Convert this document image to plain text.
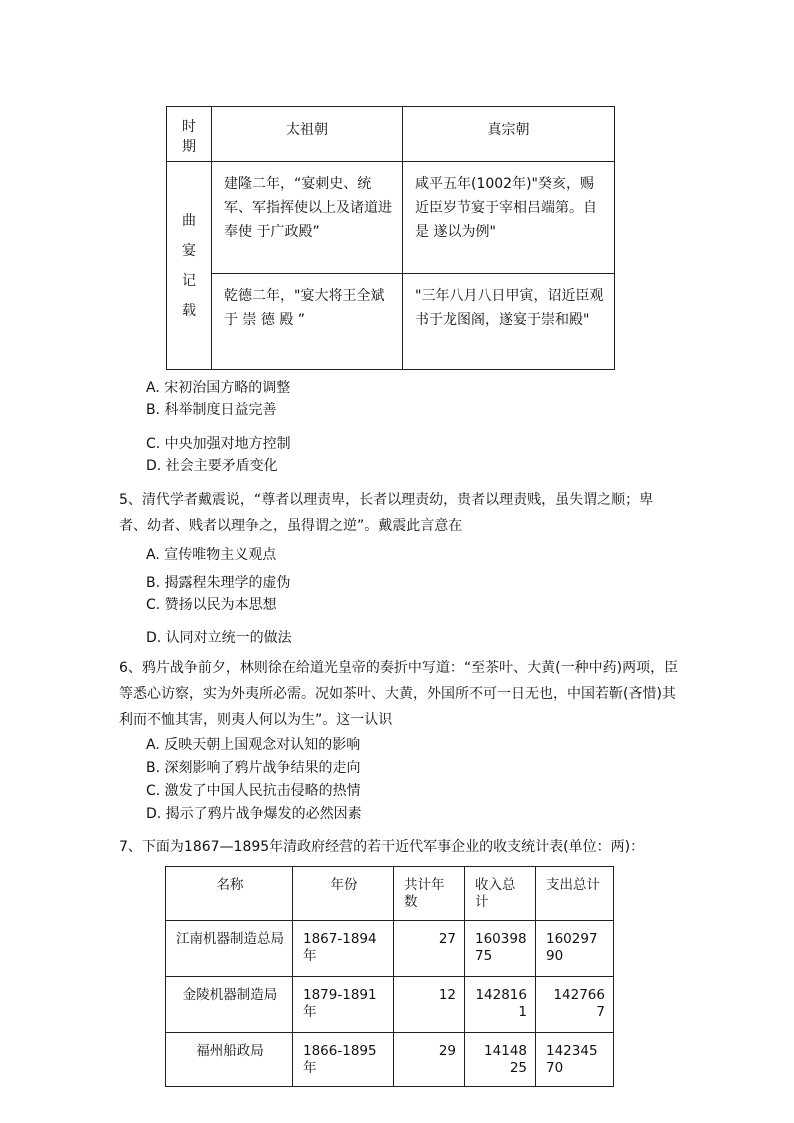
时期	太祖朝	真宗朝
曲宴记载	建隆二年，“宴刺史、统军、军指挥使以上及诸道进奉使 于广政殿”	咸平五年(1002年)"癸亥，赐　近臣岁节宴于宰相吕端第。自是 遂以为例"
	乾德二年，"宴大将王全斌于 崇 德 殿 ”	"三年八月八日甲寅，诏近臣观 书于龙图阁，遂宴于崇和殿"
A. 宋初治国方略的调整
B. 科举制度日益完善
C. 中央加强对地方控制
D. 社会主要矛盾变化
5、清代学者戴震说，“尊者以理责卑，长者以理责幼，贵者以理责贱，虽失谓之顺；卑者、幼者、贱者以理争之，虽得谓之逆”。戴震此言意在
A. 宣传唯物主义观点
B. 揭露程朱理学的虚伪
C. 赞扬以民为本思想
D. 认同对立统一的做法
6、鸦片战争前夕，林则徐在给道光皇帝的奏折中写道：“至茶叶、大黄(一种中药)两项，臣等悉心访察，实为外夷所必需。况如茶叶、大黄，外国所不可一日无也，中国若靳(吝惜)其利而不恤其害，则夷人何以为生”。这一认识
A. 反映天朝上国观念对认知的影响
B. 深刻影响了鸦片战争结果的走向
C. 激发了中国人民抗击侵略的热情
D. 揭示了鸦片战争爆发的必然因素
7、下面为1867—1895年清政府经营的若干近代军事企业的收支统计表(单位：两)：
名称	年份	共计年数	收入总计	支出总计
江南机器制造总局	1867-1894年	27	16039875	16029790
金陵机器制造局	1879-1891年	12	1428161	1427667
福州船政局	1866-1895年	29	14148 25	14234570
